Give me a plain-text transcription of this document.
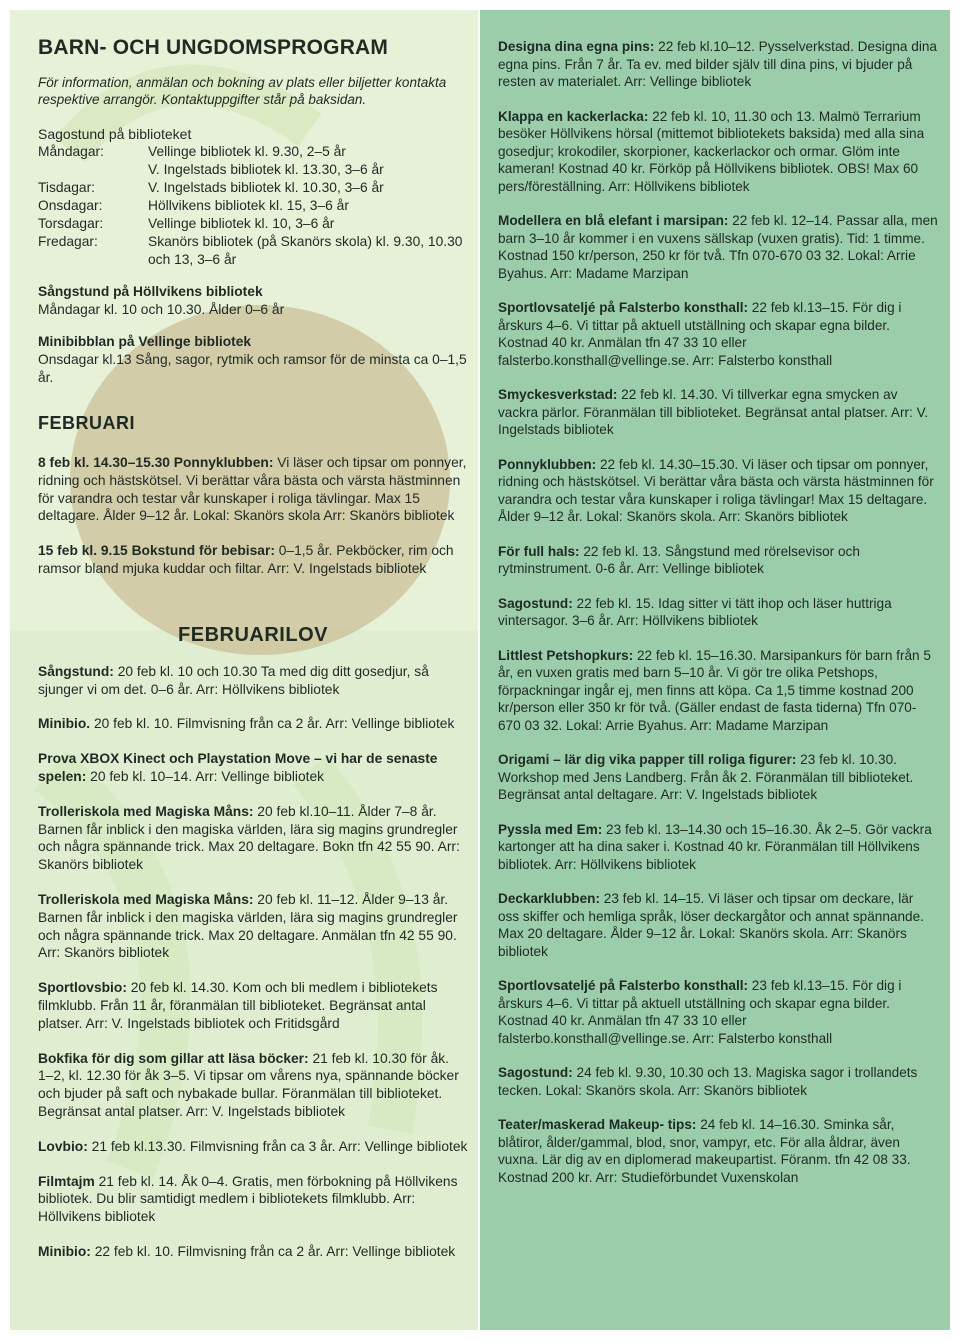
BARN- OCH UNGDOMSPROGRAM
För information, anmälan och bokning av plats eller biljetter kontakta respektive arrangör. Kontaktuppgifter står på baksidan.
Sagostund på biblioteket
Måndagar:	Vellinge bibliotek kl. 9.30, 2–5 år
V. Ingelstads bibliotek kl. 13.30, 3–6 år
Tisdagar:	V. Ingelstads bibliotek kl. 10.30, 3–6 år
Onsdagar:	Höllvikens bibliotek kl. 15, 3–6 år
Torsdagar:	Vellinge bibliotek kl. 10, 3–6 år
Fredagar:	Skanörs bibliotek (på Skanörs skola) kl. 9.30, 10.30 och 13, 3–6 år
Sångstund på Höllvikens bibliotek
Måndagar kl. 10 och 10.30. Ålder 0–6 år
Minibibblan på Vellinge bibliotek
Onsdagar kl.13 Sång, sagor, rytmik och ramsor för de minsta ca 0–1,5 år.
FEBRUARI
8 feb kl. 14.30–15.30 Ponnyklubben: Vi läser och tipsar om ponnyer, ridning och hästskötsel. Vi berättar våra bästa och värsta hästminnen för varandra och testar vår kunskaper i roliga tävlingar. Max 15 deltagare. Ålder 9–12 år. Lokal: Skanörs skola Arr: Skanörs bibliotek
15 feb kl. 9.15 Bokstund för bebisar: 0–1,5 år. Pekböcker, rim och ramsor bland mjuka kuddar och filtar. Arr: V. Ingelstads bibliotek
FEBRUARILOV
Sångstund: 20 feb kl. 10 och 10.30 Ta med dig ditt gosedjur, så sjunger vi om det. 0–6 år. Arr: Höllvikens bibliotek
Minibio. 20 feb kl. 10. Filmvisning från ca 2 år. Arr: Vellinge bibliotek
Prova XBOX Kinect och Playstation Move – vi har de senaste spelen: 20 feb kl. 10–14. Arr: Vellinge bibliotek
Trolleriskola med Magiska Måns: 20 feb kl.10–11. Ålder 7–8 år. Barnen får inblick i den magiska världen, lära sig magins grundregler och några spännande trick. Max 20 deltagare. Bokn tfn 42 55 90. Arr: Skanörs bibliotek
Trolleriskola med Magiska Måns: 20 feb kl. 11–12. Ålder 9–13 år. Barnen får inblick i den magiska världen, lära sig magins grundregler och några spännande trick. Max 20 deltagare. Anmälan tfn 42 55 90. Arr: Skanörs bibliotek
Sportlovsbio: 20 feb kl. 14.30. Kom och bli medlem i bibliotekets filmklubb. Från 11 år, föranmälan till biblioteket. Begränsat antal platser. Arr: V. Ingelstads bibliotek och Fritidsgård
Bokfika för dig som gillar att läsa böcker: 21 feb kl. 10.30 för åk. 1–2, kl. 12.30 för åk 3–5. Vi tipsar om vårens nya, spännande böcker och bjuder på saft och nybakade bullar. Föranmälan till biblioteket. Begränsat antal platser. Arr: V. Ingelstads bibliotek
Lovbio: 21 feb kl.13.30. Filmvisning från ca 3 år. Arr: Vellinge bibliotek
Filmtajm 21 feb kl. 14. Åk 0–4. Gratis, men förbokning på Höllvikens bibliotek. Du blir samtidigt medlem i bibliotekets filmklubb. Arr: Höllvikens bibliotek
Minibio: 22 feb kl. 10. Filmvisning från ca 2 år. Arr: Vellinge bibliotek
Designa dina egna pins: 22 feb kl.10–12. Pysselverkstad. Designa dina egna pins. Från 7 år. Ta ev. med bilder själv till dina pins, vi bjuder på resten av materialet. Arr: Vellinge bibliotek
Klappa en kackerlacka: 22 feb kl. 10, 11.30 och 13. Malmö Terrarium besöker Höllvikens hörsal (mittemot bibliotekets baksida) med alla sina gosedjur; krokodiler, skorpioner, kackerlackor och ormar. Glöm inte kameran! Kostnad 40 kr. Förköp på Höllvikens bibliotek. OBS! Max 60 pers/föreställning. Arr: Höllvikens bibliotek
Modellera en blå elefant i marsipan: 22 feb kl. 12–14. Passar alla, men barn 3–10 år kommer i en vuxens sällskap (vuxen gratis). Tid: 1 timme. Kostnad 150 kr/person, 250 kr för två. Tfn 070-670 03 32. Lokal: Arrie Byahus. Arr: Madame Marzipan
Sportlovsateljé på Falsterbo konsthall: 22 feb kl.13–15. För dig i årskurs 4–6. Vi tittar på aktuell utställning och skapar egna bilder. Kostnad 40 kr. Anmälan tfn 47 33 10 eller falsterbo.konsthall@vellinge.se. Arr: Falsterbo konsthall
Smyckesverkstad: 22 feb kl. 14.30. Vi tillverkar egna smycken av vackra pärlor. Föranmälan till biblioteket. Begränsat antal platser. Arr: V. Ingelstads bibliotek
Ponnyklubben: 22 feb kl. 14.30–15.30. Vi läser och tipsar om ponnyer, ridning och hästskötsel. Vi berättar våra bästa och värsta hästminnen för varandra och testar våra kunskaper i roliga tävlingar! Max 15 deltagare. Ålder 9–12 år. Lokal: Skanörs skola. Arr: Skanörs bibliotek
För full hals: 22 feb kl. 13. Sångstund med rörelsevisor och rytminstrument. 0-6 år. Arr: Vellinge bibliotek
Sagostund: 22 feb kl. 15. Idag sitter vi tätt ihop och läser huttriga vintersagor. 3–6 år. Arr: Höllvikens bibliotek
Littlest Petshopkurs: 22 feb kl. 15–16.30. Marsipankurs för barn från 5 år, en vuxen gratis med barn 5–10 år. Vi gör tre olika Petshops, förpackningar ingår ej, men finns att köpa. Ca 1,5 timme kostnad 200 kr/person eller 350 kr för två. (Gäller endast de fasta tiderna) Tfn 070-670 03 32. Lokal: Arrie Byahus. Arr: Madame Marzipan
Origami – lär dig vika papper till roliga figurer: 23 feb kl. 10.30. Workshop med Jens Landberg. Från åk 2. Föranmälan till biblioteket. Begränsat antal deltagare. Arr: V. Ingelstads bibliotek
Pyssla med Em: 23 feb kl. 13–14.30 och 15–16.30. Åk 2–5. Gör vackra kartonger att ha dina saker i. Kostnad 40 kr. Föranmälan till Höllvikens bibliotek. Arr: Höllvikens bibliotek
Deckarklubben: 23 feb kl. 14–15. Vi läser och tipsar om deckare, lär oss skiffer och hemliga språk, löser deckargåtor och annat spännande. Max 20 deltagare. Ålder 9–12 år. Lokal: Skanörs skola. Arr: Skanörs bibliotek
Sportlovsateljé på Falsterbo konsthall: 23 feb kl.13–15. För dig i årskurs 4–6. Vi tittar på aktuell utställning och skapar egna bilder. Kostnad 40 kr. Anmälan tfn 47 33 10 eller falsterbo.konsthall@vellinge.se. Arr: Falsterbo konsthall
Sagostund: 24 feb kl. 9.30, 10.30 och 13. Magiska sagor i trollandets tecken. Lokal: Skanörs skola. Arr: Skanörs bibliotek
Teater/maskerad Makeup- tips: 24 feb kl. 14–16.30. Sminka sår, blåtiror, ålder/gammal, blod, snor, vampyr, etc. För alla åldrar, även vuxna. Lär dig av en diplomerad makeupartist. Föranm. tfn 42 08 33. Kostnad 200 kr. Arr: Studieförbundet Vuxenskolan
